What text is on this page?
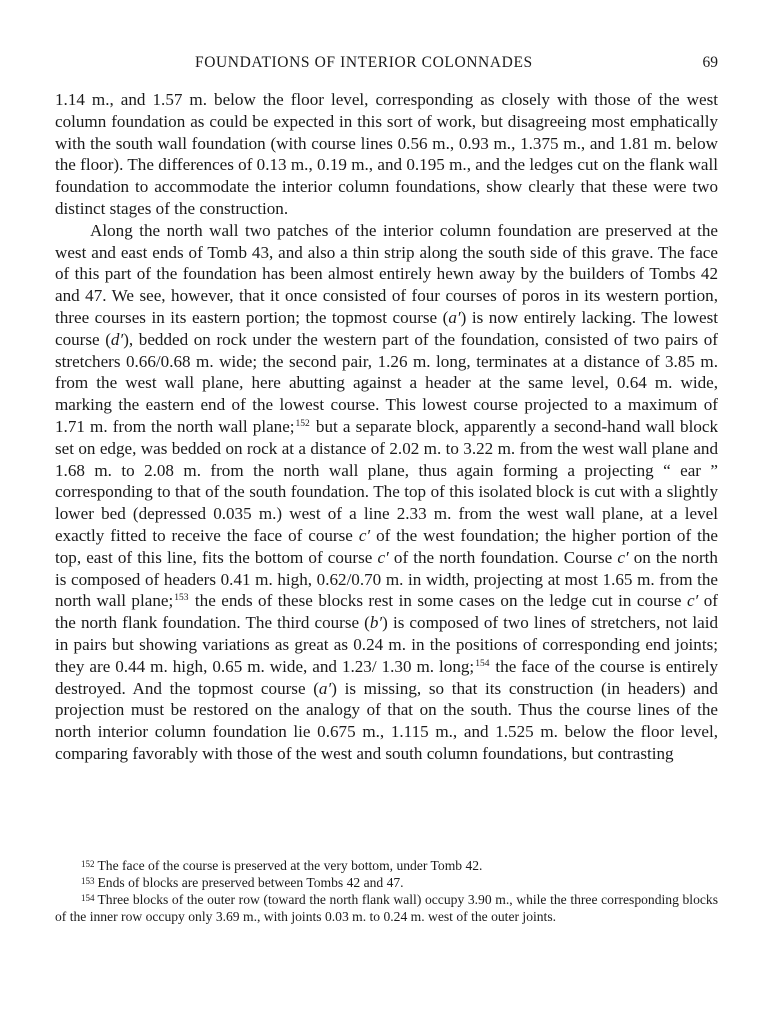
FOUNDATIONS OF INTERIOR COLONNADES	69

1.14 m., and 1.57 m. below the floor level, corresponding as closely with those of the west column foundation as could be expected in this sort of work, but disagreeing most emphatically with the south wall foundation (with course lines 0.56 m., 0.93 m., 1.375 m., and 1.81 m. below the floor). The differences of 0.13 m., 0.19 m., and 0.195 m., and the ledges cut on the flank wall foundation to accommodate the interior column foundations, show clearly that these were two distinct stages of the construction.

Along the north wall two patches of the interior column foundation are preserved at the west and east ends of Tomb 43, and also a thin strip along the south side of this grave. The face of this part of the foundation has been almost entirely hewn away by the builders of Tombs 42 and 47. We see, however, that it once consisted of four courses of poros in its western portion, three courses in its eastern portion; the topmost course (a′) is now entirely lacking. The lowest course (d′), bedded on rock under the western part of the foundation, consisted of two pairs of stretchers 0.66/0.68 m. wide; the second pair, 1.26 m. long, terminates at a distance of 3.85 m. from the west wall plane, here abutting against a header at the same level, 0.64 m. wide, marking the eastern end of the lowest course. This lowest course projected to a maximum of 1.71 m. from the north wall plane;$^{152}$ but a separate block, apparently a second-hand wall block set on edge, was bedded on rock at a distance of 2.02 m. to 3.22 m. from the west wall plane and 1.68 m. to 2.08 m. from the north wall plane, thus again forming a projecting “ ear ” corresponding to that of the south foundation. The top of this isolated block is cut with a slightly lower bed (depressed 0.035 m.) west of a line 2.33 m. from the west wall plane, at a level exactly fitted to receive the face of course c′ of the west foundation; the higher portion of the top, east of this line, fits the bottom of course c′ of the north foundation. Course c′ on the north is composed of headers 0.41 m. high, 0.62/0.70 m. in width, projecting at most 1.65 m. from the north wall plane;$^{153}$ the ends of these blocks rest in some cases on the ledge cut in course c′ of the north flank foundation. The third course (b′) is composed of two lines of stretchers, not laid in pairs but showing variations as great as 0.24 m. in the positions of corresponding end joints; they are 0.44 m. high, 0.65 m. wide, and 1.23/ 1.30 m. long;$^{154}$ the face of the course is entirely destroyed. And the topmost course (a′) is missing, so that its construction (in headers) and projection must be restored on the analogy of that on the south. Thus the course lines of the north interior column foundation lie 0.675 m., 1.115 m., and 1.525 m. below the floor level, comparing favorably with those of the west and south column foundations, but contrasting

$^{152}$ The face of the course is preserved at the very bottom, under Tomb 42.

$^{153}$ Ends of blocks are preserved between Tombs 42 and 47.

$^{154}$ Three blocks of the outer row (toward the north flank wall) occupy 3.90 m., while the three corresponding blocks of the inner row occupy only 3.69 m., with joints 0.03 m. to 0.24 m. west of the outer joints.
